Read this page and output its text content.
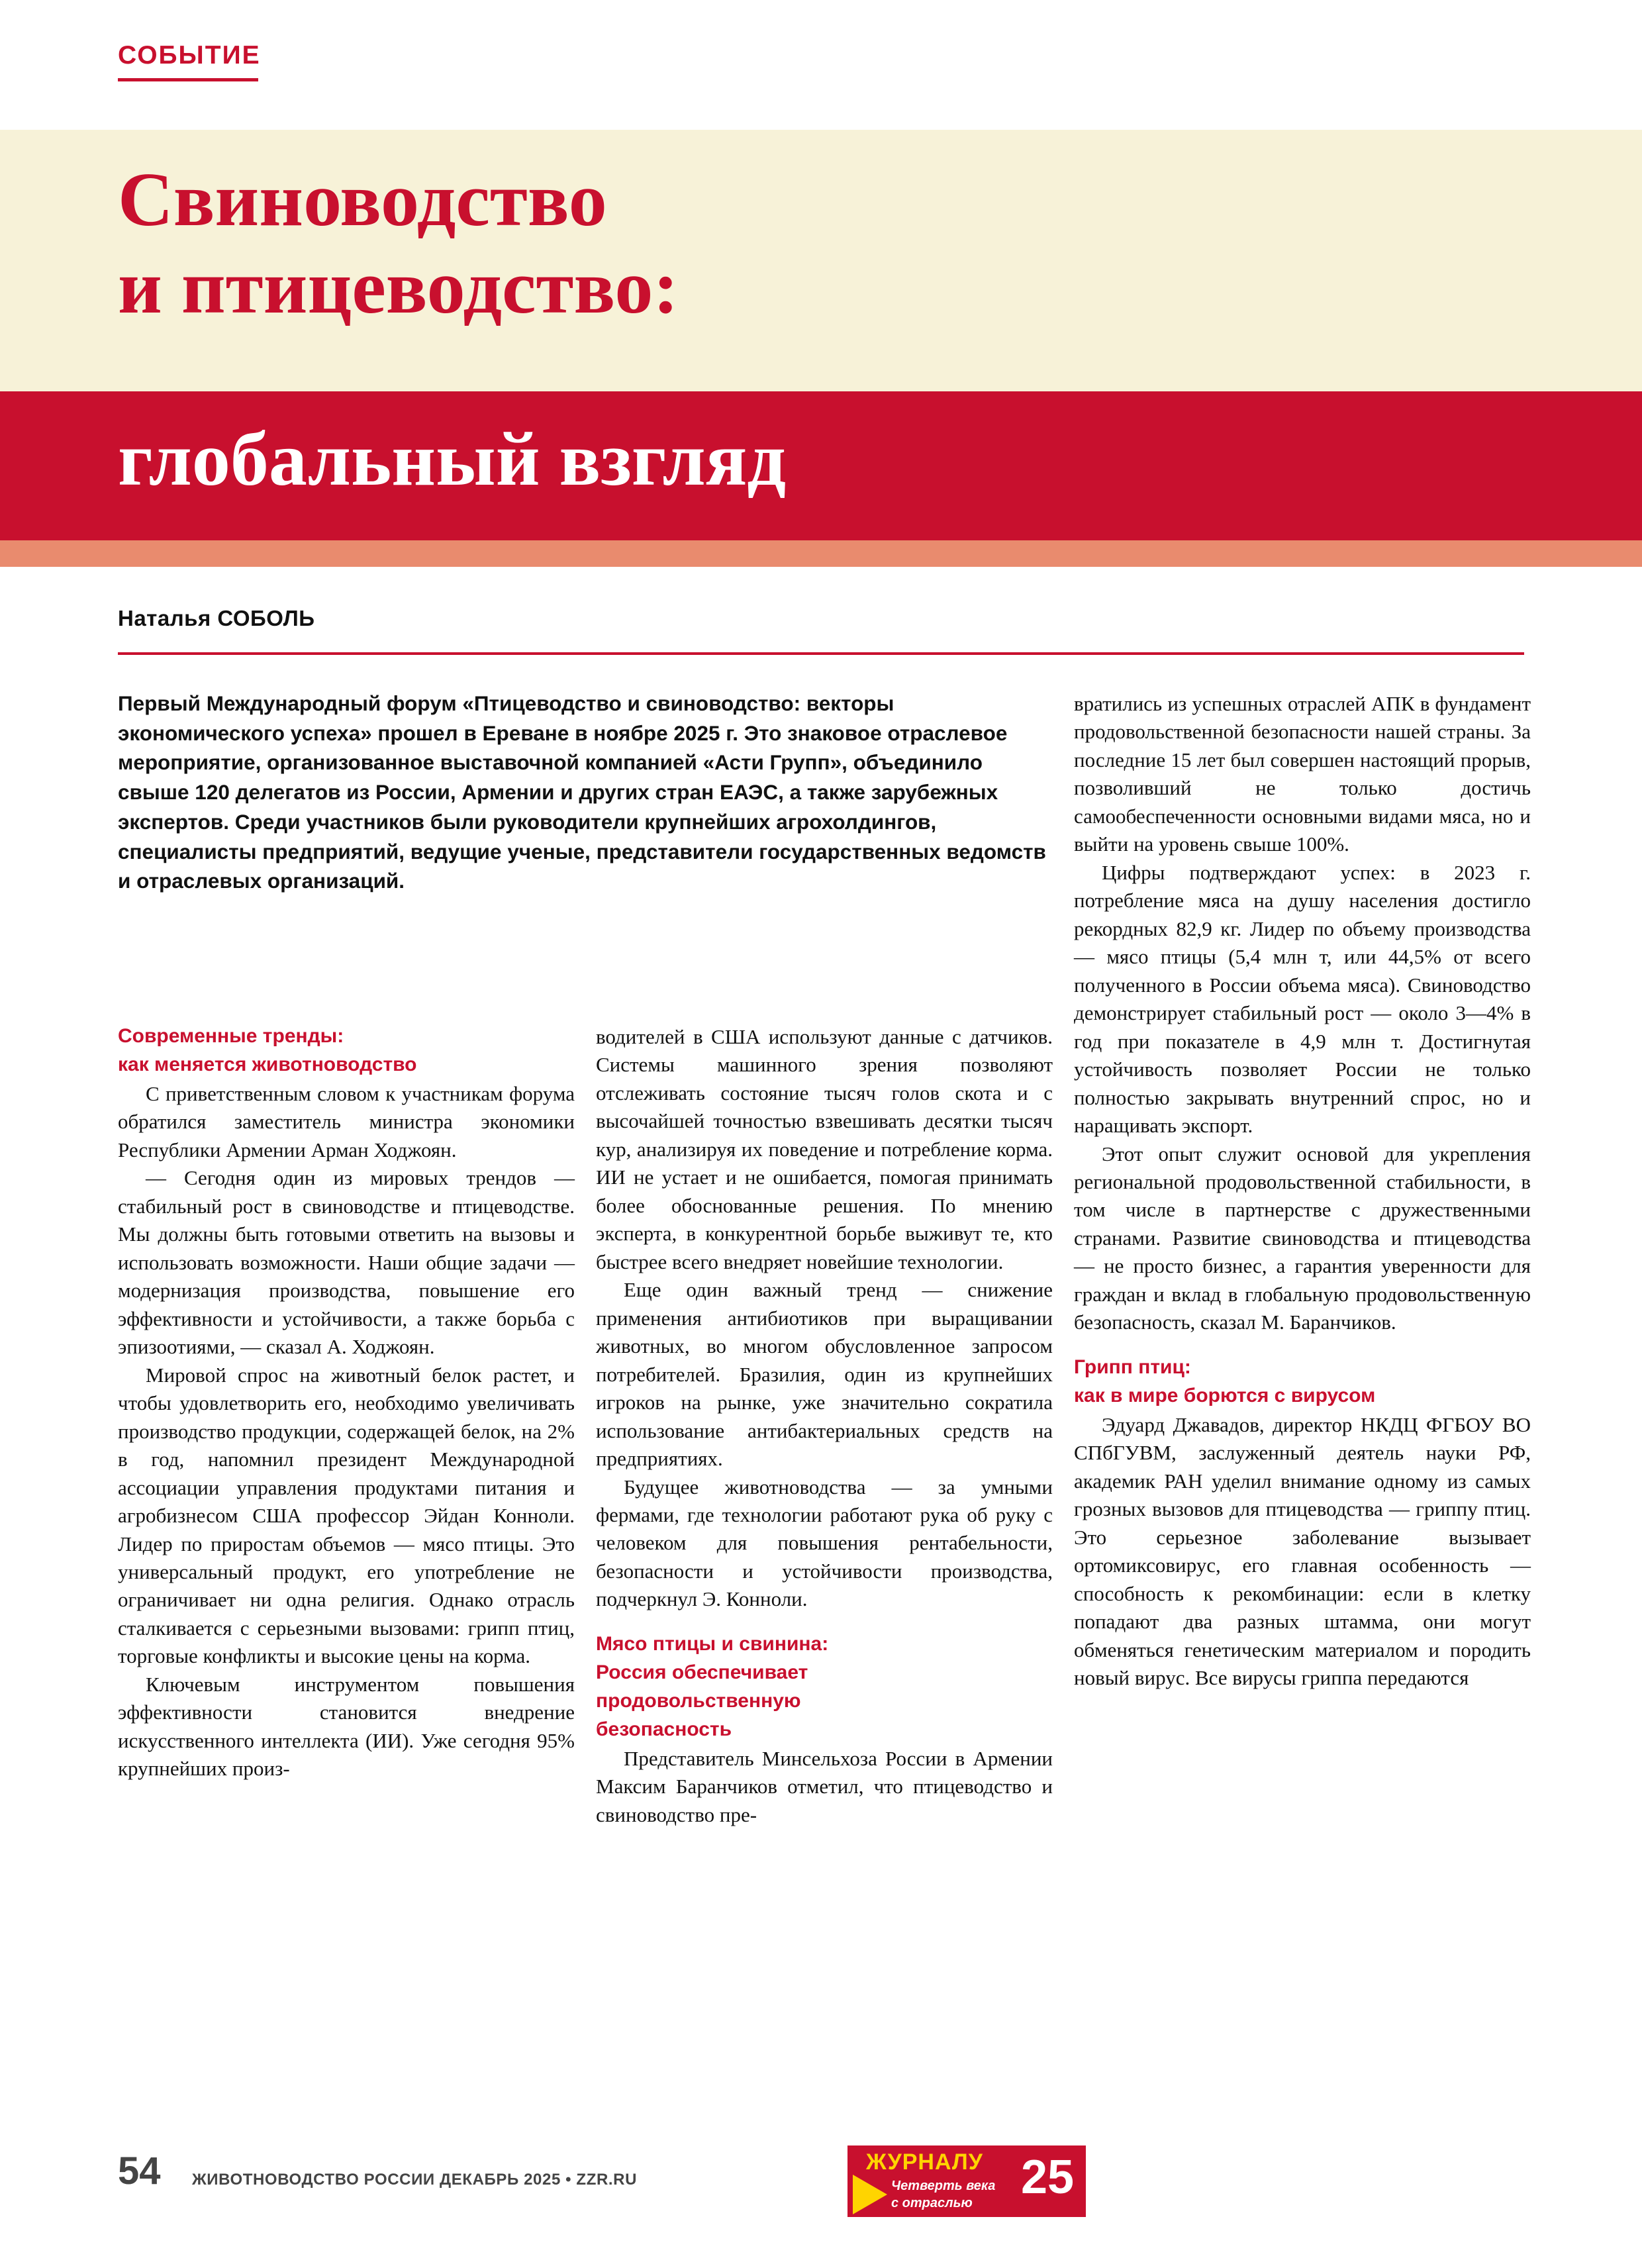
СОБЫТИЕ
Свиноводство
и птицеводство:
глобальный взгляд
Наталья СОБОЛЬ
Первый Международный форум «Птицеводство и свиноводство: векторы экономического успеха» прошел в Ереване в ноябре 2025 г. Это знаковое отраслевое мероприятие, организованное выставочной компанией «Асти Групп», объединило свыше 120 делегатов из России, Армении и других стран ЕАЭС, а также зарубежных экспертов. Среди участников были руководители крупнейших агрохолдингов, специалисты предприятий, ведущие ученые, представители государственных ведомств и отраслевых организаций.

Современные тренды:

как меняется животноводство

С приветственным словом к участникам форума обратился заместитель министра экономики Республики Армении Арман Ходжоян.

— Сегодня один из мировых трендов — стабильный рост в свиноводстве и птицеводстве. Мы должны быть готовыми ответить на вызовы и использовать возможности. Наши общие задачи — модернизация производства, повышение его эффективности и устойчивости, а также борьба с эпизоотиями, — сказал А. Ходжоян.

Мировой спрос на животный белок растет, и чтобы удовлетворить его, необходимо увеличивать производство продукции, содержащей белок, на 2% в год, напомнил президент Международной ассоциации управления продуктами питания и агробизнесом США профессор Эйдан Конноли. Лидер по приростам объемов — мясо птицы. Это универсальный продукт, его употребление не ограничивает ни одна религия. Однако отрасль сталкивается с серьезными вызовами: грипп птиц, торговые конфликты и высокие цены на корма.

Ключевым инструментом повышения эффективности становится внедрение искусственного интеллекта (ИИ). Уже сегодня 95% крупнейших произ-

водителей в США используют данные с датчиков. Системы машинного зрения позволяют отслеживать состояние тысяч голов скота и с высочайшей точностью взвешивать десятки тысяч кур, анализируя их поведение и потребление корма. ИИ не устает и не ошибается, помогая принимать более обоснованные решения. По мнению эксперта, в конкурентной борьбе выживут те, кто быстрее всего внедряет новейшие технологии.

Еще один важный тренд — снижение применения антибиотиков при выращивании животных, во многом обусловленное запросом потребителей. Бразилия, один из крупнейших игроков на рынке, уже значительно сократила использование антибактериальных средств на предприятиях.

Будущее животноводства — за умными фермами, где технологии работают рука об руку с человеком для повышения рентабельности, безопасности и устойчивости производства, подчеркнул Э. Конноли.

Мясо птицы и свинина:

Россия обеспечивает

продовольственную

безопасность

Представитель Минсельхоза России в Армении Максим Баранчиков отметил, что птицеводство и свиноводство пре-

вратились из успешных отраслей АПК в фундамент продовольственной безопасности нашей страны. За последние 15 лет был совершен настоящий прорыв, позволивший не только достичь самообеспеченности основными видами мяса, но и выйти на уровень свыше 100%.

Цифры подтверждают успех: в 2023 г. потребление мяса на душу населения достигло рекордных 82,9 кг. Лидер по объему производства — мясо птицы (5,4 млн т, или 44,5% от всего полученного в России объема мяса). Свиноводство демонстрирует стабильный рост — около 3—4% в год при показателе в 4,9 млн т. Достигнутая устойчивость позволяет России не только полностью закрывать внутренний спрос, но и наращивать экспорт.

Этот опыт служит основой для укрепления региональной продовольственной стабильности, в том числе в партнерстве с дружественными странами. Развитие свиноводства и птицеводства — не просто бизнес, а гарантия уверенности для граждан и вклад в глобальную продовольственную безопасность, сказал М. Баранчиков.

Грипп птиц:

как в мире борются с вирусом

Эдуард Джавадов, директор НКДЦ ФГБОУ ВО СПбГУВМ, заслуженный деятель науки РФ, академик РАН уделил внимание одному из самых грозных вызовов для птицеводства — гриппу птиц. Это серьезное заболевание вызывает ортомиксовирус, его главная особенность — способность к рекомбинации: если в клетку попадают два разных штамма, они могут обменяться генетическим материалом и породить новый вирус. Все вирусы гриппа передаются

54 ЖИВОТНОВОДСТВО РОССИИ ДЕКАБРЬ 2025 • ZZR.RU
ЖУРНАЛУ
Четверть века
с отраслью 25
